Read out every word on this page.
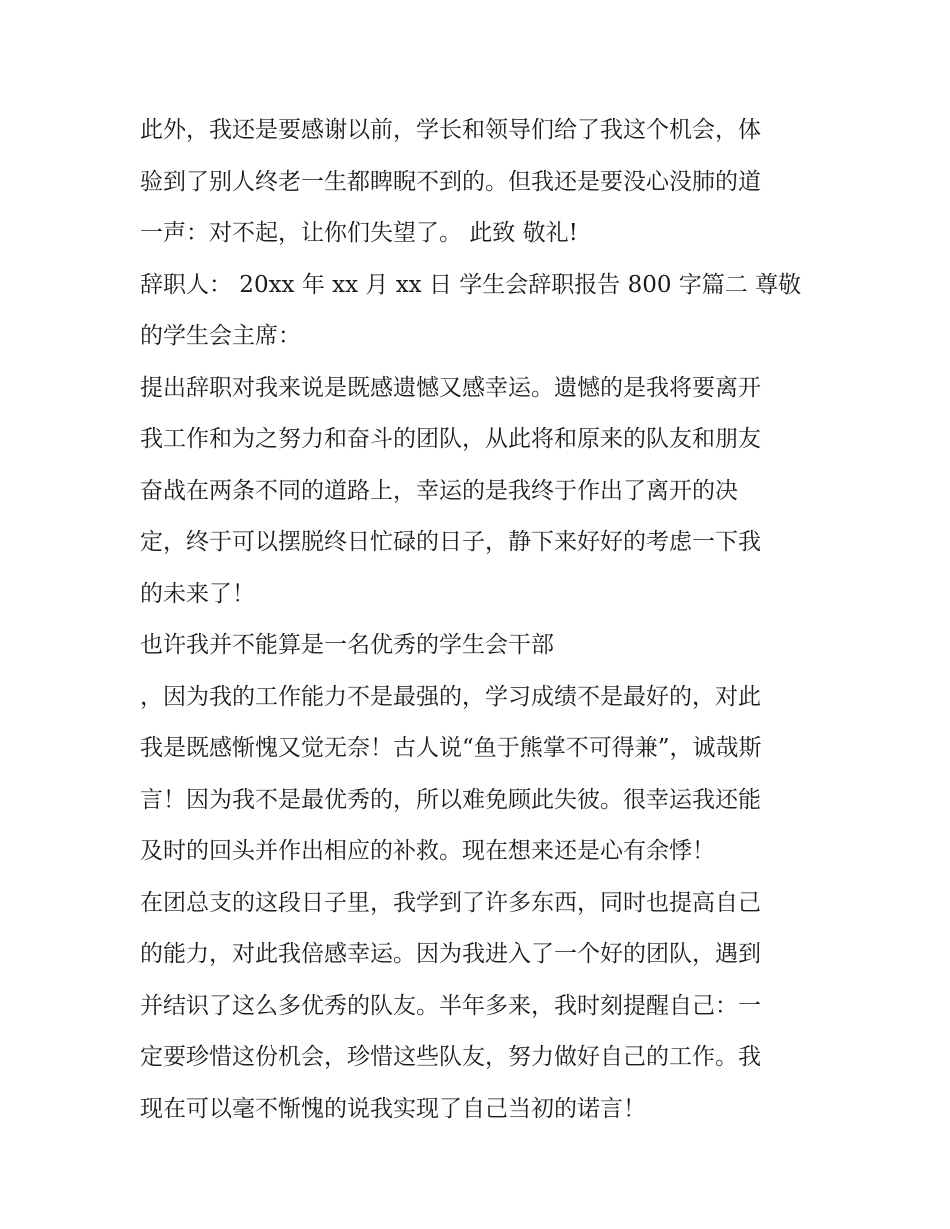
此外，我还是要感谢以前，学长和领导们给了我这个机会，体
验到了别人终老一生都睥睨不到的。但我还是要没心没肺的道
一声：对不起，让你们失望了。 此致 敬礼!
辞职人： 20xx 年 xx 月 xx 日 学生会辞职报告 800 字篇二 尊敬
的学生会主席：
提出辞职对我来说是既感遗憾又感幸运。遗憾的是我将要离开
我工作和为之努力和奋斗的团队，从此将和原来的队友和朋友
奋战在两条不同的道路上，幸运的是我终于作出了离开的决
定，终于可以摆脱终日忙碌的日子，静下来好好的考虑一下我
的未来了！
也许我并不能算是一名优秀的学生会干部
，因为我的工作能力不是最强的，学习成绩不是最好的，对此
我是既感惭愧又觉无奈！古人说“鱼于熊掌不可得兼”，诚哉斯
言！因为我不是最优秀的，所以难免顾此失彼。很幸运我还能
及时的回头并作出相应的补救。现在想来还是心有余悸！
在团总支的这段日子里，我学到了许多东西，同时也提高自己
的能力，对此我倍感幸运。因为我进入了一个好的团队，遇到
并结识了这么多优秀的队友。半年多来，我时刻提醒自己：一
定要珍惜这份机会，珍惜这些队友，努力做好自己的工作。我
现在可以毫不惭愧的说我实现了自己当初的诺言！
